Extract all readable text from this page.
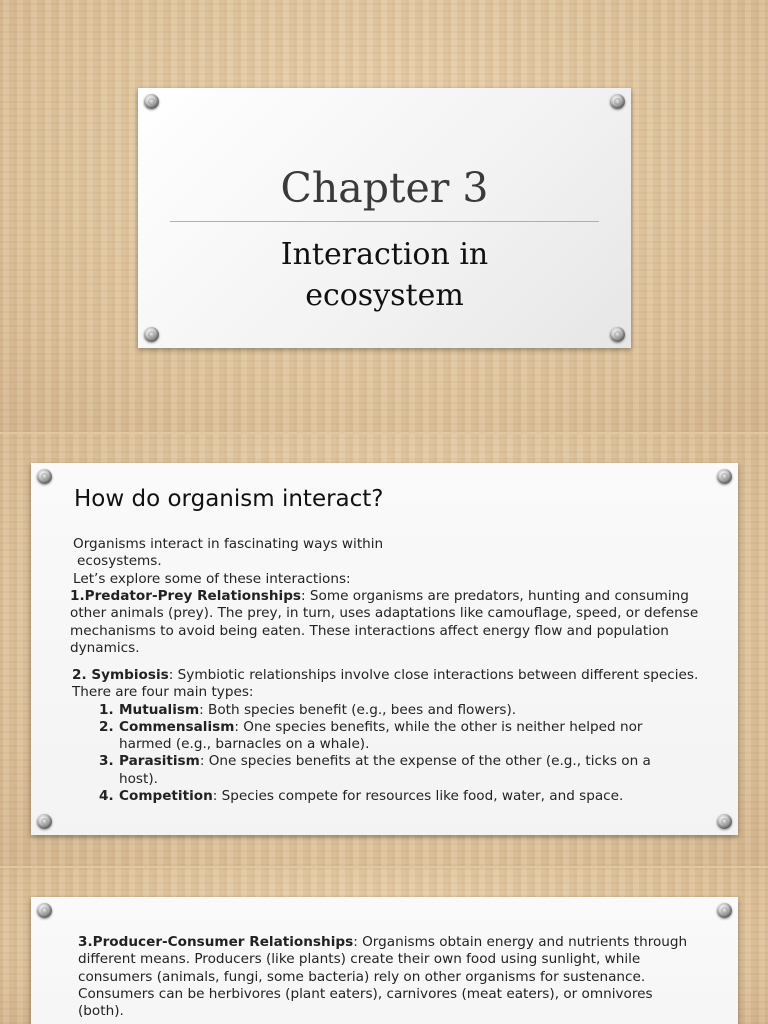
Chapter 3
Interaction in
ecosystem
How do organism interact?
Organisms interact in fascinating ways within
ecosystems.
Let’s explore some of these interactions:

1.Predator-Prey Relationships: Some organisms are predators, hunting and consuming other animals (prey). The prey, in turn, uses adaptations like camouflage, speed, or defense mechanisms to avoid being eaten. These interactions affect energy flow and population dynamics.

2. Symbiosis: Symbiotic relationships involve close interactions between different species. There are four main types:

1. Mutualism: Both species benefit (e.g., bees and flowers).
2. Commensalism: One species benefits, while the other is neither helped nor harmed (e.g., barnacles on a whale).
3. Parasitism: One species benefits at the expense of the other (e.g., ticks on a host).
4. Competition: Species compete for resources like food, water, and space.

3.Producer-Consumer Relationships: Organisms obtain energy and nutrients through different means. Producers (like plants) create their own food using sunlight, while consumers (animals, fungi, some bacteria) rely on other organisms for sustenance. Consumers can be herbivores (plant eaters), carnivores (meat eaters), or omnivores (both).
